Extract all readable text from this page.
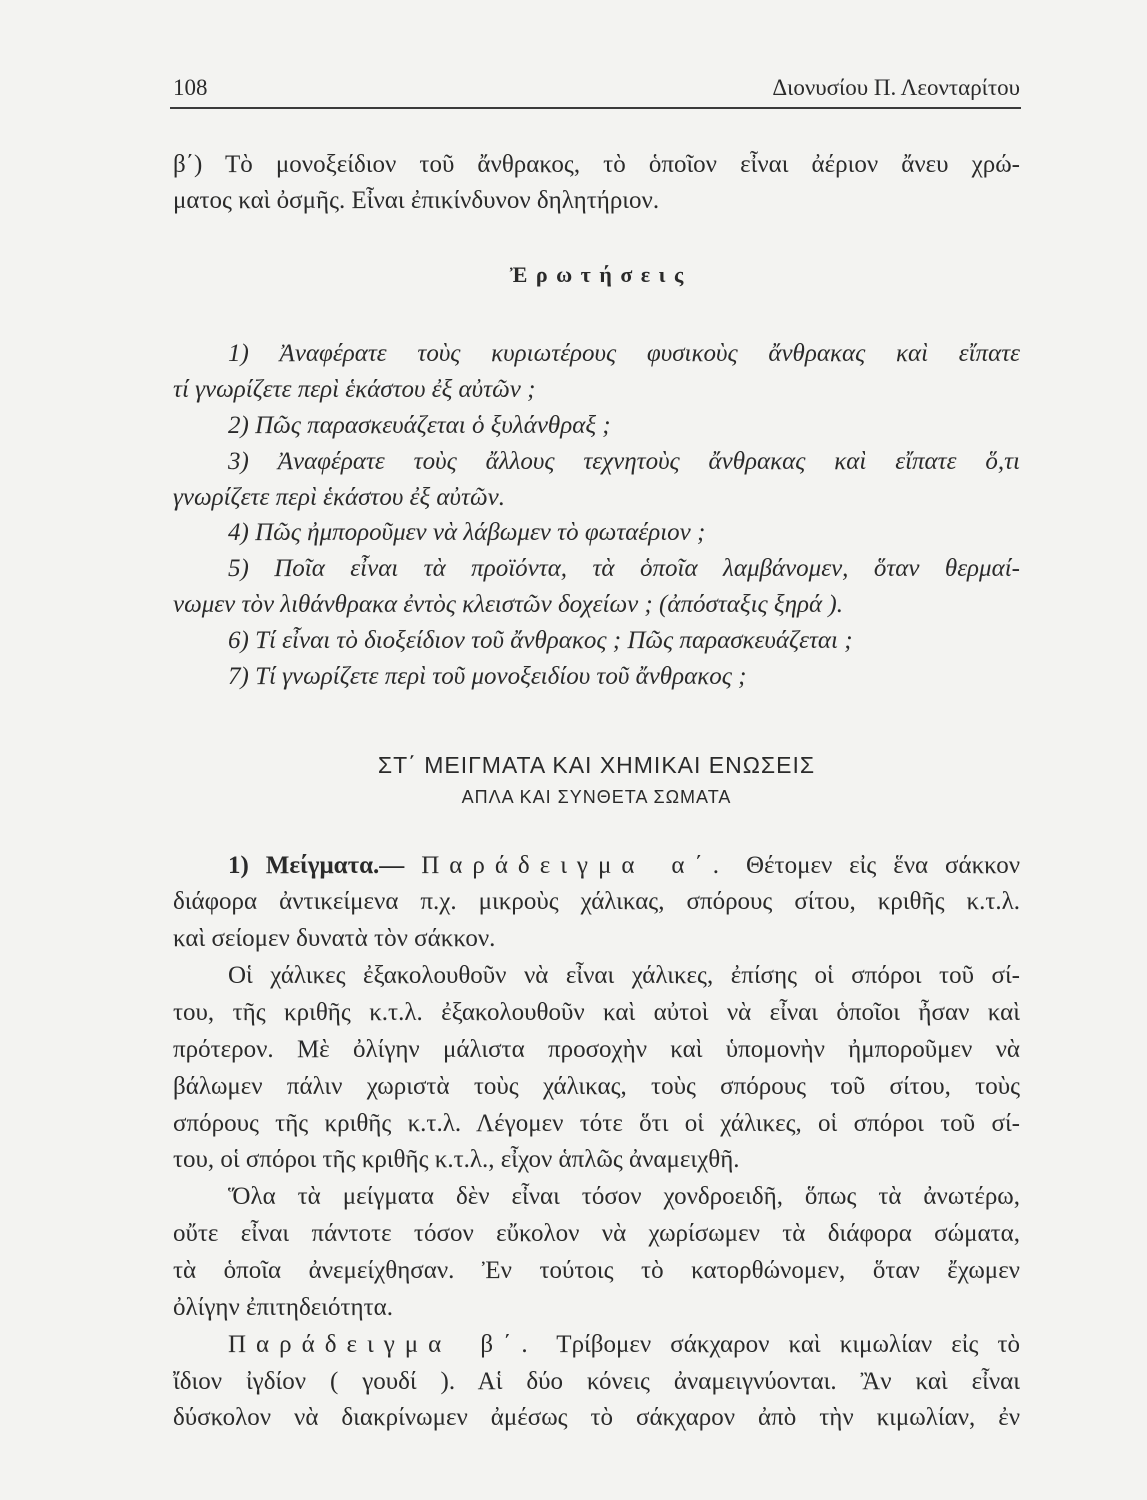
108	Διονυσίου Π. Λεονταρίτου
β΄) Τὸ μονοξείδιον τοῦ ἄνθρακος, τὸ ὁποῖον εἶναι ἀέριον ἄνευ χρώ-
ματος καὶ ὀσμῆς. Εἶναι ἐπικίνδυνον δηλητήριον.
Ἐρωτήσεις
1) Ἀναφέρατε τοὺς κυριωτέρους φυσικοὺς ἄνθρακας καὶ εἴπατε
τί γνωρίζετε περὶ ἑκάστου ἐξ αὐτῶν ;
2) Πῶς παρασκευάζεται ὁ ξυλάνθραξ ;
3) Ἀναφέρατε τοὺς ἄλλους τεχνητοὺς ἄνθρακας καὶ εἴπατε ὅ,τι
γνωρίζετε περὶ ἑκάστου ἐξ αὐτῶν.
4) Πῶς ἠμποροῦμεν νὰ λάβωμεν τὸ φωταέριον ;
5) Ποῖα εἶναι τὰ προϊόντα, τὰ ὁποῖα λαμβάνομεν, ὅταν θερμαί-
νωμεν τὸν λιθάνθρακα ἐντὸς κλειστῶν δοχείων ; (ἀπόσταξις ξηρά ).
6) Τί εἶναι τὸ διοξείδιον τοῦ ἄνθρακος ; Πῶς παρασκευάζεται ;
7) Τί γνωρίζετε περὶ τοῦ μονοξειδίου τοῦ ἄνθρακος ;
ΣΤ΄ ΜΕΙΓΜΑΤΑ ΚΑΙ ΧΗΜΙΚΑΙ ΕΝΩΣΕΙΣ
ΑΠΛΑ ΚΑΙ ΣΥΝΘΕΤΑ ΣΩΜΑΤΑ
1) Μείγματα.— Παράδειγμα α΄. Θέτομεν εἰς ἕνα σάκκον
διάφορα ἀντικείμενα π.χ. μικροὺς χάλικας, σπόρους σίτου, κριθῆς κ.τ.λ.
καὶ σείομεν δυνατὰ τὸν σάκκον.
Οἱ χάλικες ἐξακολουθοῦν νὰ εἶναι χάλικες, ἐπίσης οἱ σπόροι τοῦ σί-
του, τῆς κριθῆς κ.τ.λ. ἐξακολουθοῦν καὶ αὐτοὶ νὰ εἶναι ὁποῖοι ἦσαν καὶ
πρότερον. Μὲ ὀλίγην μάλιστα προσοχὴν καὶ ὑπομονὴν ἠμποροῦμεν νὰ
βάλωμεν πάλιν χωριστὰ τοὺς χάλικας, τοὺς σπόρους τοῦ σίτου, τοὺς
σπόρους τῆς κριθῆς κ.τ.λ. Λέγομεν τότε ὅτι οἱ χάλικες, οἱ σπόροι τοῦ σί-
του, οἱ σπόροι τῆς κριθῆς κ.τ.λ., εἶχον ἁπλῶς ἀναμειχθῆ.
Ὅλα τὰ μείγματα δὲν εἶναι τόσον χονδροειδῆ, ὅπως τὰ ἀνωτέρω,
οὔτε εἶναι πάντοτε τόσον εὔκολον νὰ χωρίσωμεν τὰ διάφορα σώματα,
τὰ ὁποῖα ἀνεμείχθησαν. Ἐν τούτοις τὸ κατορθώνομεν, ὅταν ἔχωμεν
ὀλίγην ἐπιτηδειότητα.
Παράδειγμα β΄. Τρίβομεν σάκχαρον καὶ κιμωλίαν εἰς τὸ
ἴδιον ἰγδίον ( γουδί ). Αἱ δύο κόνεις ἀναμειγνύονται. Ἂν καὶ εἶναι
δύσκολον νὰ διακρίνωμεν ἀμέσως τὸ σάκχαρον ἀπὸ τὴν κιμωλίαν, ἐν
